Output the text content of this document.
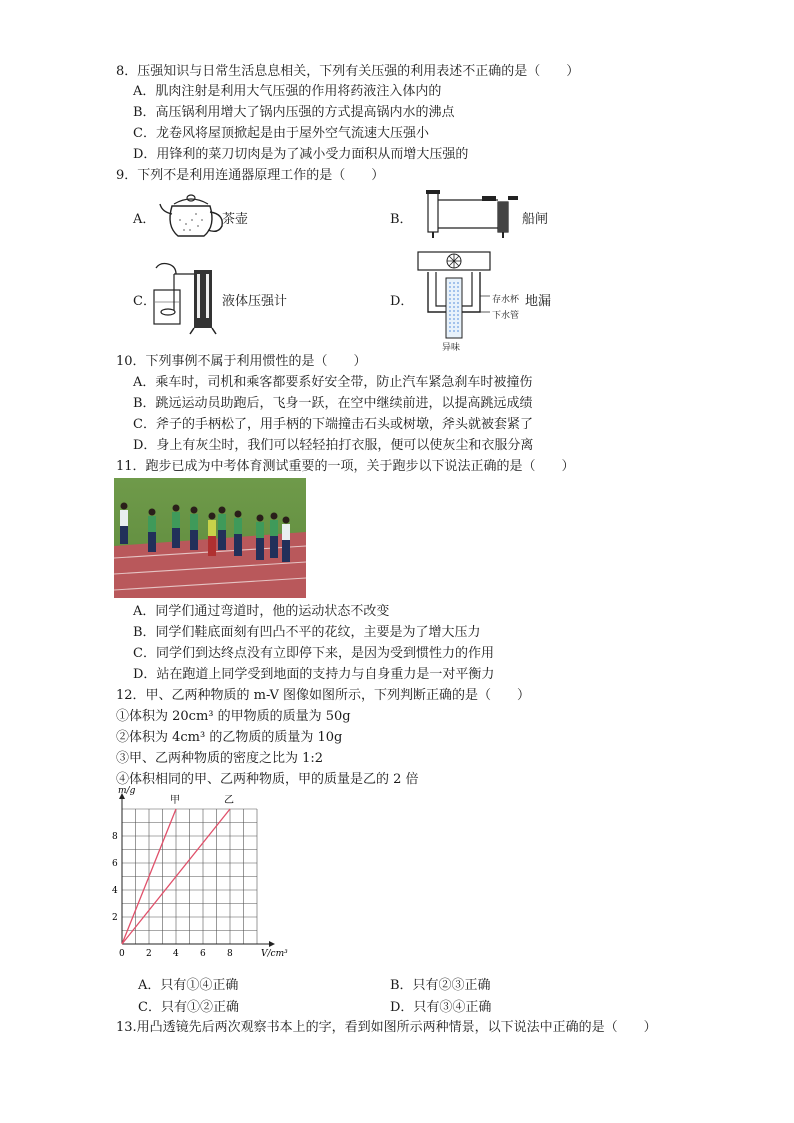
8．压强知识与日常生活息息相关，下列有关压强的利用表述不正确的是（　　）
A．肌肉注射是利用大气压强的作用将药液注入体内的
B．高压锅利用增大了锅内压强的方式提高锅内水的沸点
C．龙卷风将屋顶掀起是由于屋外空气流速大压强小
D．用锋利的菜刀切肉是为了减小受力面积从而增大压强的
9．下列不是利用连通器原理工作的是（　　）
A．	茶壶	B．	船闸
C．	液体压强计	D．	存水杯 地漏
下水管
异味
10．下列事例不属于利用惯性的是（　　）
A．乘车时，司机和乘客都要系好安全带，防止汽车紧急刹车时被撞伤
B．跳远运动员助跑后，飞身一跃，在空中继续前进，以提高跳远成绩
C．斧子的手柄松了，用手柄的下端撞击石头或树墩，斧头就被套紧了
D．身上有灰尘时，我们可以轻轻拍打衣服，便可以使灰尘和衣服分离
11．跑步已成为中考体育测试重要的一项，关于跑步以下说法正确的是（　　）
A．同学们通过弯道时，他的运动状态不改变
B．同学们鞋底面刻有凹凸不平的花纹，主要是为了增大压力
C．同学们到达终点没有立即停下来，是因为受到惯性力的作用
D．站在跑道上同学受到地面的支持力与自身重力是一对平衡力
12．甲、乙两种物质的 m-V 图像如图所示，下列判断正确的是（　　）
①体积为 20cm³ 的甲物质的质量为 50g
②体积为 4cm³ 的乙物质的质量为 10g
③甲、乙两种物质的密度之比为 1:2
④体积相同的甲、乙两种物质，甲的质量是乙的 2 倍
0 2 4 6 8
2
4
6
8
甲	乙
V/cm³
m/g
A．只有①④正确	B．只有②③正确
C．只有①②正确	D．只有③④正确
13.用凸透镜先后两次观察书本上的字，看到如图所示两种情景，以下说法中正确的是（　　）
